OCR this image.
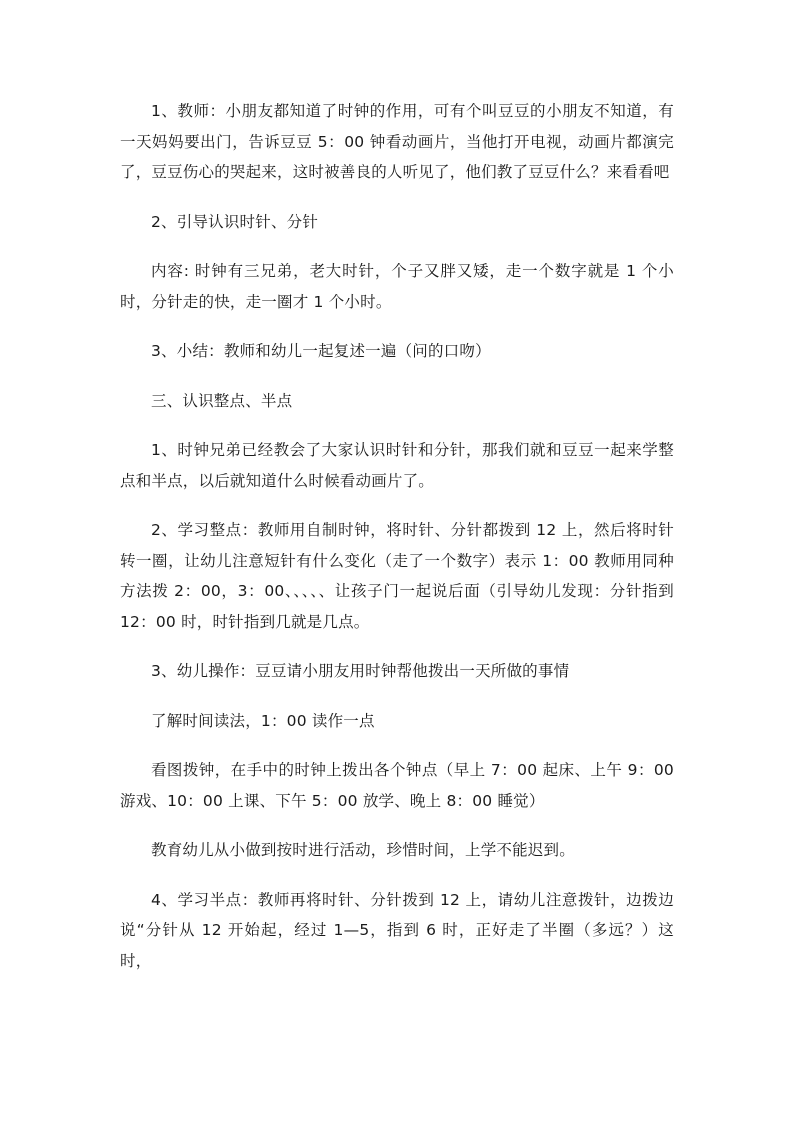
1、教师：小朋友都知道了时钟的作用，可有个叫豆豆的小朋友不知道，有一天妈妈要出门，告诉豆豆 5：00 钟看动画片，当他打开电视，动画片都演完了，豆豆伤心的哭起来，这时被善良的人听见了，他们教了豆豆什么？来看看吧

2、引导认识时针、分针

内容: 时钟有三兄弟，老大时针，个子又胖又矮，走一个数字就是 1 个小时，分针走的快，走一圈才 1 个小时。

3、小结：教师和幼儿一起复述一遍（问的口吻）

三、认识整点、半点

1、时钟兄弟已经教会了大家认识时针和分针，那我们就和豆豆一起来学整点和半点，以后就知道什么时候看动画片了。

2、学习整点：教师用自制时钟，将时针、分针都拨到 12 上，然后将时针转一圈，让幼儿注意短针有什么变化（走了一个数字）表示 1：00 教师用同种方法拨 2：00，3：00、、、、、让孩子门一起说后面（引导幼儿发现：分针指到 12：00 时，时针指到几就是几点。

3、幼儿操作：豆豆请小朋友用时钟帮他拨出一天所做的事情

了解时间读法，1：00 读作一点

看图拨钟，在手中的时钟上拨出各个钟点（早上 7：00 起床、上午 9：00 游戏、10：00 上课、下午 5：00 放学、晚上 8：00 睡觉）

教育幼儿从小做到按时进行活动，珍惜时间，上学不能迟到。

4、学习半点：教师再将时针、分针拨到 12 上，请幼儿注意拨针，边拨边说“分针从 12 开始起，经过 1—5，指到 6 时，正好走了半圈（多远？）这时，
